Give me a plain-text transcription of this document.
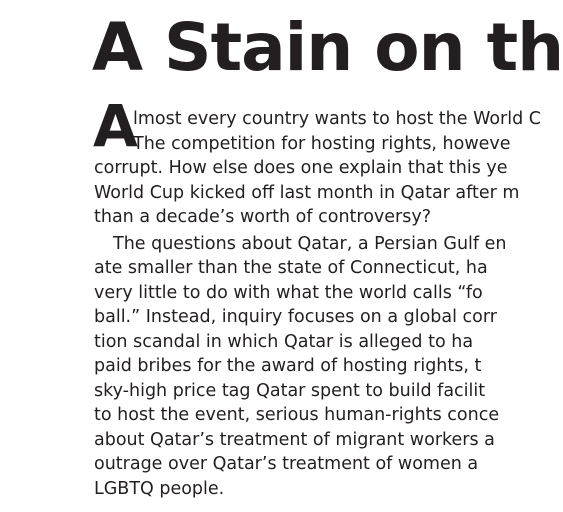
A Stain on th
A
lmost every country wants to host the World C
The competition for hosting rights, howeve
corrupt. How else does one explain that this ye
World Cup kicked off last month in Qatar after m
than a decade’s worth of controversy?
The questions about Qatar, a Persian Gulf en
ate smaller than the state of Connecticut, ha
very little to do with what the world calls “fo
ball.” Instead, inquiry focuses on a global corr
tion scandal in which Qatar is alleged to ha
paid bribes for the award of hosting rights, t
sky-high price tag Qatar spent to build facilit
to host the event, serious human-rights conce
about Qatar’s treatment of migrant workers a
outrage over Qatar’s treatment of women a
LGBTQ people.
